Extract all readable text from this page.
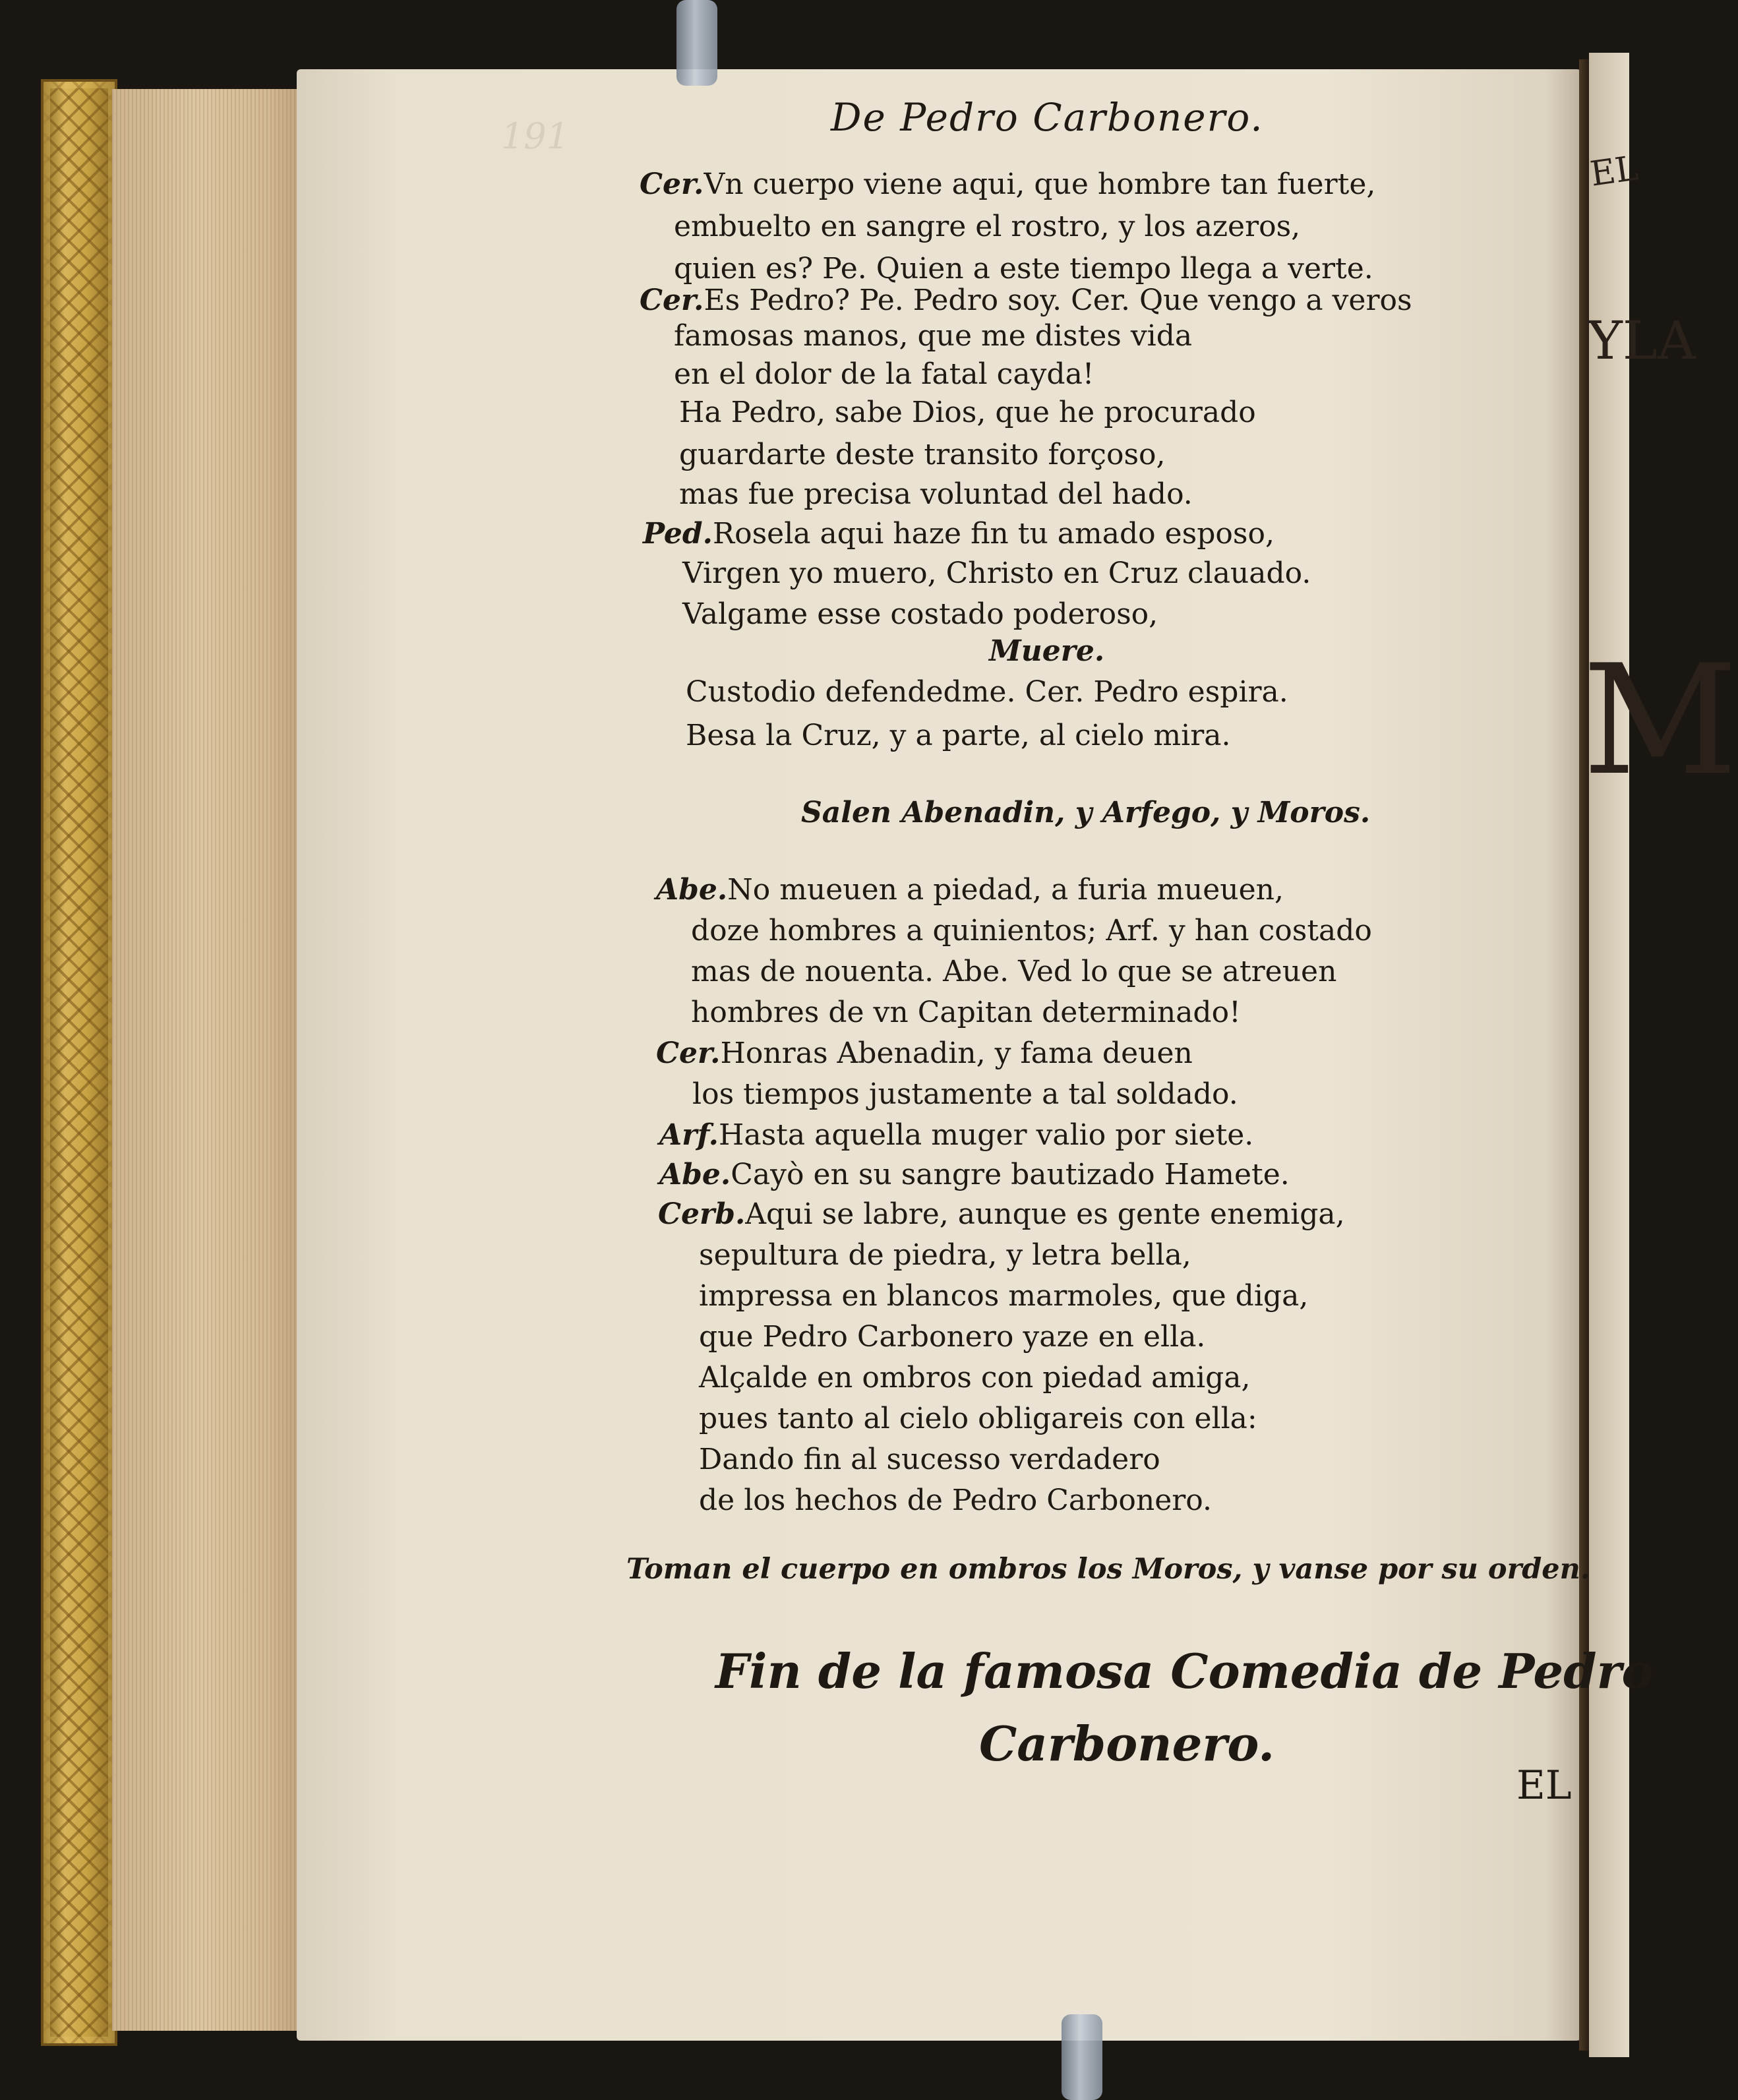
EL
YLA
M
191	De Pedro Carbonero.
Cer.Vn cuerpo viene aqui, que hombre tan fuerte,
embuelto en sangre el rostro, y los azeros,
quien es? Pe. Quien a este tiempo llega a verte.
Cer.Es Pedro? Pe. Pedro soy. Cer. Que vengo a veros
famosas manos, que me distes vida
en el dolor de la fatal cayda!
Ha Pedro, sabe Dios, que he procurado
guardarte deste transito forçoso,
mas fue precisa voluntad del hado.
Ped.Rosela aqui haze fin tu amado esposo,
Virgen yo muero, Christo en Cruz clauado.
Valgame esse costado poderoso,
Muere.
Custodio defendedme. Cer. Pedro espira.
Besa la Cruz, y a parte, al cielo mira.
Salen Abenadin, y Arfego, y Moros.
Abe.No mueuen a piedad, a furia mueuen,
doze hombres a quinientos; Arf. y han costado
mas de nouenta. Abe. Ved lo que se atreuen
hombres de vn Capitan determinado!
Cer.Honras Abenadin, y fama deuen
los tiempos justamente a tal soldado.
Arf.Hasta aquella muger valio por siete.
Abe.Cayò en su sangre bautizado Hamete.
Cerb.Aqui se labre, aunque es gente enemiga,
sepultura de piedra, y letra bella,
impressa en blancos marmoles, que diga,
que Pedro Carbonero yaze en ella.
Alçalde en ombros con piedad amiga,
pues tanto al cielo obligareis con ella:
Dando fin al sucesso verdadero
de los hechos de Pedro Carbonero.
Toman el cuerpo en ombros los Moros, y vanse por su orden.
Fin de la famosa Comedia de Pedro
Carbonero.
EL
